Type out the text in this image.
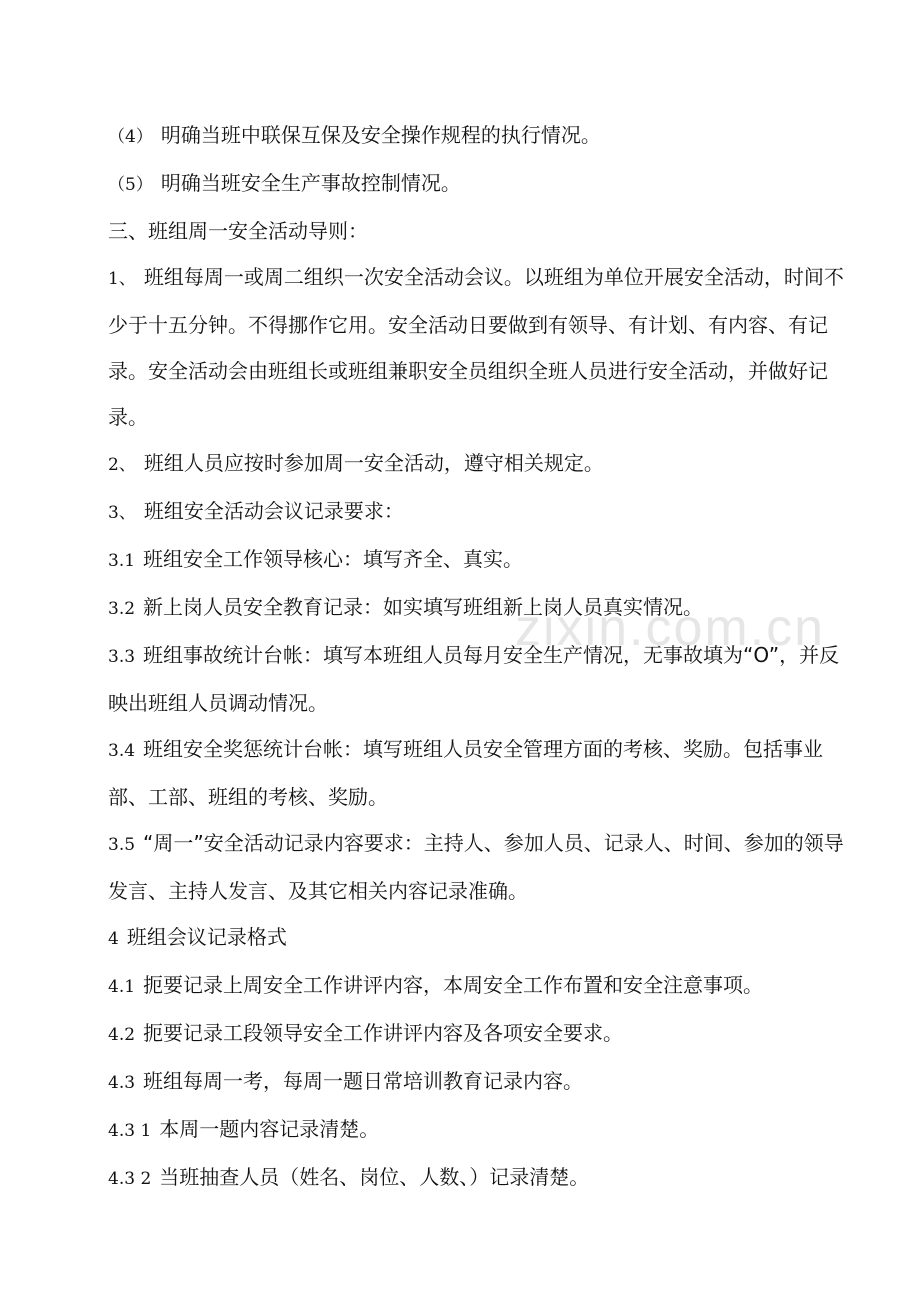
zixin.com.cn

（4） 明确当班中联保互保及安全操作规程的执行情况。

（5） 明确当班安全生产事故控制情况。

三、班组周一安全活动导则：

1、 班组每周一或周二组织一次安全活动会议。以班组为单位开展安全活动，时间不少于十五分钟。不得挪作它用。安全活动日要做到有领导、有计划、有内容、有记录。安全活动会由班组长或班组兼职安全员组织全班人员进行安全活动，并做好记录。

2、 班组人员应按时参加周一安全活动，遵守相关规定。

3、 班组安全活动会议记录要求：

3.1 班组安全工作领导核心：填写齐全、真实。

3.2 新上岗人员安全教育记录：如实填写班组新上岗人员真实情况。

3.3 班组事故统计台帐：填写本班组人员每月安全生产情况，无事故填为“O”，并反映出班组人员调动情况。

3.4 班组安全奖惩统计台帐：填写班组人员安全管理方面的考核、奖励。包括事业部、工部、班组的考核、奖励。

3.5 “周一”安全活动记录内容要求：主持人、参加人员、记录人、时间、参加的领导发言、主持人发言、及其它相关内容记录准确。

4 班组会议记录格式

4.1 扼要记录上周安全工作讲评内容，本周安全工作布置和安全注意事项。

4.2 扼要记录工段领导安全工作讲评内容及各项安全要求。

4.3 班组每周一考，每周一题日常培训教育记录内容。

4.3 1 本周一题内容记录清楚。

4.3 2 当班抽查人员（姓名、岗位、人数、）记录清楚。
